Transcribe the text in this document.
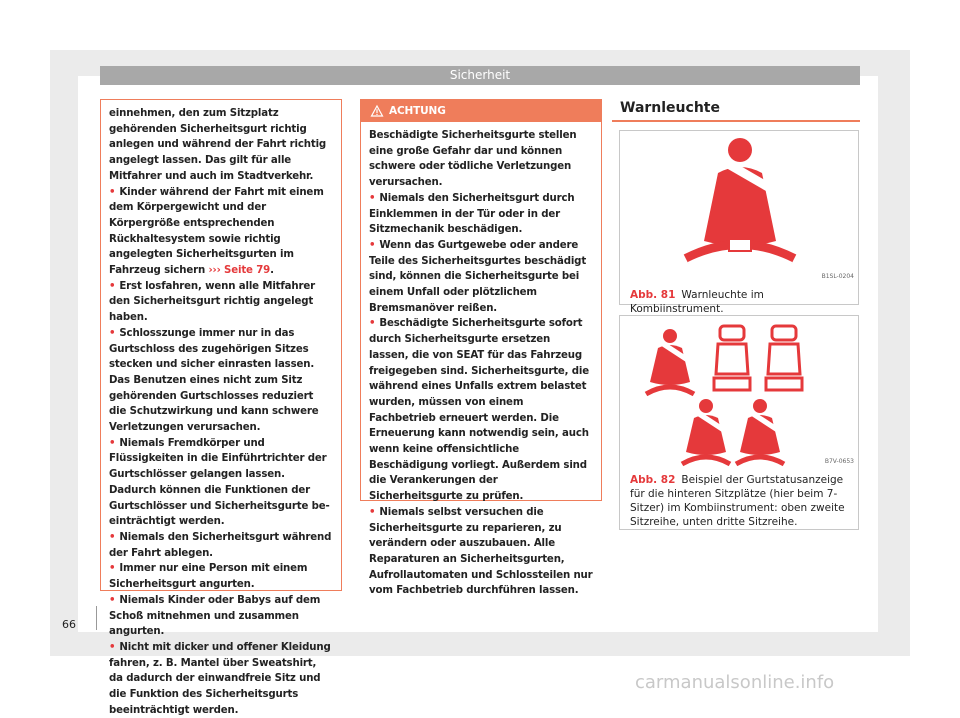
Sicherheit

einnehmen, den zum Sitzplatz gehörenden Sicherheitsgurt richtig anlegen und während der Fahrt richtig angelegt lassen. Das gilt für alle Mitfahrer und auch im Stadtverkehr.

• Kinder während der Fahrt mit einem dem Körpergewicht und der Körpergröße entsprechenden Rückhaltesystem sowie richtig angelegten Sicherheitsgurten im Fahrzeug sichern ››› Seite 79.

• Erst losfahren, wenn alle Mitfahrer den Sicherheitsgurt richtig angelegt haben.

• Schlosszunge immer nur in das Gurtschloss des zugehörigen Sitzes stecken und sicher einrasten lassen. Das Benutzen eines nicht zum Sitz gehörenden Gurtschlosses reduziert die Schutzwirkung und kann schwere Verletzungen verursachen.

• Niemals Fremdkörper und Flüssigkeiten in die Einführtrichter der Gurtschlösser gelangen lassen. Dadurch können die Funktionen der Gurtschlösser und Sicherheitsgurte beeinträchtigt werden.

• Niemals den Sicherheitsgurt während der Fahrt ablegen.

• Immer nur eine Person mit einem Sicherheitsgurt angurten.

• Niemals Kinder oder Babys auf dem Schoß mitnehmen und zusammen angurten.

• Nicht mit dicker und offener Kleidung fahren, z. B. Mantel über Sweatshirt, da dadurch der einwandfreie Sitz und die Funktion des Sicherheitsgurts beeinträchtigt werden.

ACHTUNG

Beschädigte Sicherheitsgurte stellen eine große Gefahr dar und können schwere oder tödliche Verletzungen verursachen.

• Niemals den Sicherheitsgurt durch Einklemmen in der Tür oder in der Sitzmechanik beschädigen.

• Wenn das Gurtgewebe oder andere Teile des Sicherheitsgurtes beschädigt sind, können die Sicherheitsgurte bei einem Unfall oder plötzlichem Bremsmanöver reißen.

• Beschädigte Sicherheitsgurte sofort durch Sicherheitsgurte ersetzen lassen, die von SEAT für das Fahrzeug freigegeben sind. Sicherheitsgurte, die während eines Unfalls extrem belastet wurden, müssen von einem Fachbetrieb erneuert werden. Die Erneuerung kann notwendig sein, auch wenn keine offensichtliche Beschädigung vorliegt. Außerdem sind die Verankerungen der Sicherheitsgurte zu prüfen.

• Niemals selbst versuchen die Sicherheitsgurte zu reparieren, zu verändern oder auszubauen. Alle Reparaturen an Sicherheitsgurten, Aufrollautomaten und Schlossteilen nur vom Fachbetrieb durchführen lassen.

Warnleuchte
B1SL-0204
Abb. 81 Warnleuchte im Kombiinstrument.
B7V-0653
Abb. 82 Beispiel der Gurtstatusanzeige für die hinteren Sitzplätze (hier beim 7-Sitzer) im Kombiinstrument: oben zweite Sitzreihe, unten dritte Sitzreihe.
66
carmanualsonline.info
